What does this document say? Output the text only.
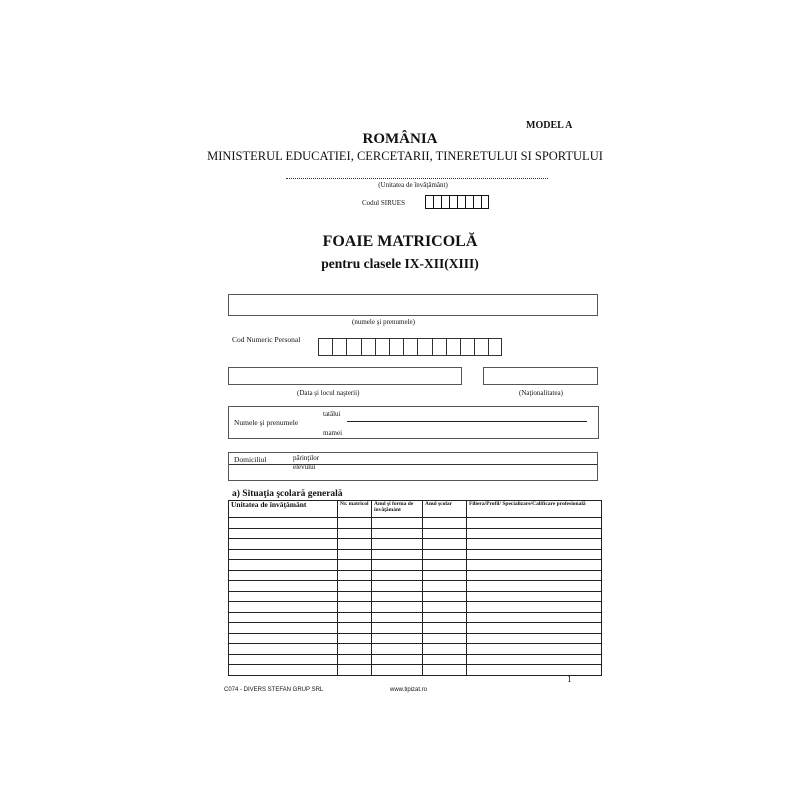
MODEL A
ROMÂNIA
MINISTERUL EDUCATIEI, CERCETARII, TINERETULUI SI SPORTULUI
(Unitatea de învăţământ)
Codul SIRUES
FOAIE MATRICOLĂ
pentru clasele IX-XII(XIII)
(numele şi prenumele)
Cod Numeric Personal
(Data şi locul naşterii)	(Naţionalitatea)
Numele şi prenumele
tatălui
mamei
Domiciliul	părinţilor
elevului
a) Situaţia şcolară generală
Unitatea de învăţământ	Nr. matricol	Anul şi forma de învăţământ	Anul şcolar	Filiera/Profil/ Specializare/Calificare profesională

1
C074 - DIVERS STEFAN GRUP SRL	www.tipizat.ro
